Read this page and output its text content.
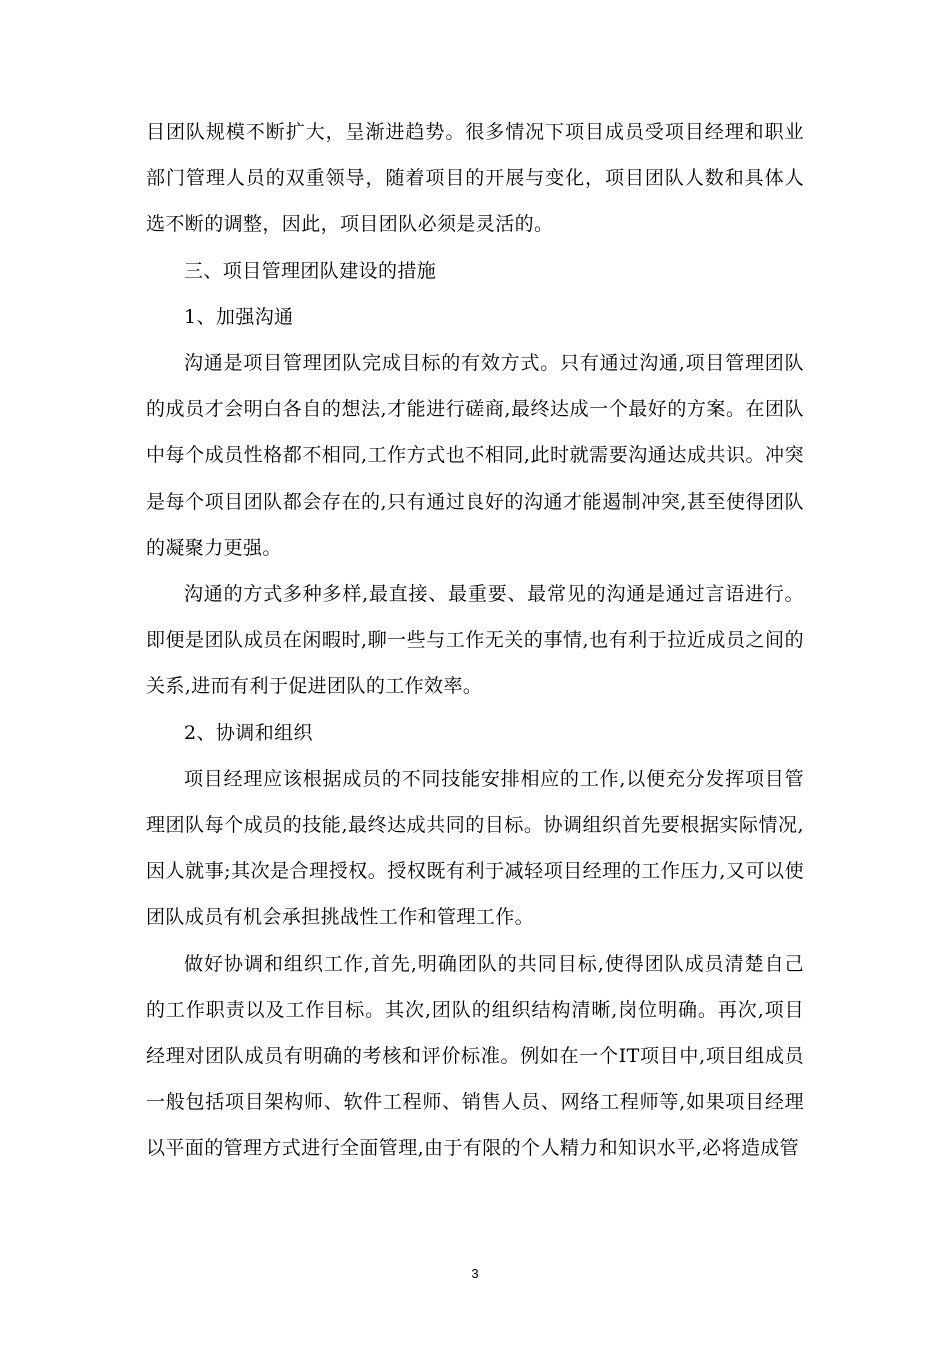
目团队规模不断扩大，呈渐进趋势。很多情况下项目成员受项目经理和职业部门管理人员的双重领导，随着项目的开展与变化，项目团队人数和具体人选不断的调整，因此，项目团队必须是灵活的。

三、项目管理团队建设的措施

1、加强沟通

沟通是项目管理团队完成目标的有效方式。只有通过沟通,项目管理团队的成员才会明白各自的想法,才能进行磋商,最终达成一个最好的方案。在团队中每个成员性格都不相同,工作方式也不相同,此时就需要沟通达成共识。冲突是每个项目团队都会存在的,只有通过良好的沟通才能遏制冲突,甚至使得团队的凝聚力更强。

沟通的方式多种多样,最直接、最重要、最常见的沟通是通过言语进行。即便是团队成员在闲暇时,聊一些与工作无关的事情,也有利于拉近成员之间的关系,进而有利于促进团队的工作效率。

2、协调和组织

项目经理应该根据成员的不同技能安排相应的工作,以便充分发挥项目管理团队每个成员的技能,最终达成共同的目标。协调组织首先要根据实际情况,因人就事;其次是合理授权。授权既有利于减轻项目经理的工作压力,又可以使团队成员有机会承担挑战性工作和管理工作。

做好协调和组织工作,首先,明确团队的共同目标,使得团队成员清楚自己的工作职责以及工作目标。其次,团队的组织结构清晰,岗位明确。再次,项目经理对团队成员有明确的考核和评价标准。例如在一个IT项目中,项目组成员一般包括项目架构师、软件工程师、销售人员、网络工程师等,如果项目经理以平面的管理方式进行全面管理,由于有限的个人精力和知识水平,必将造成管

3
